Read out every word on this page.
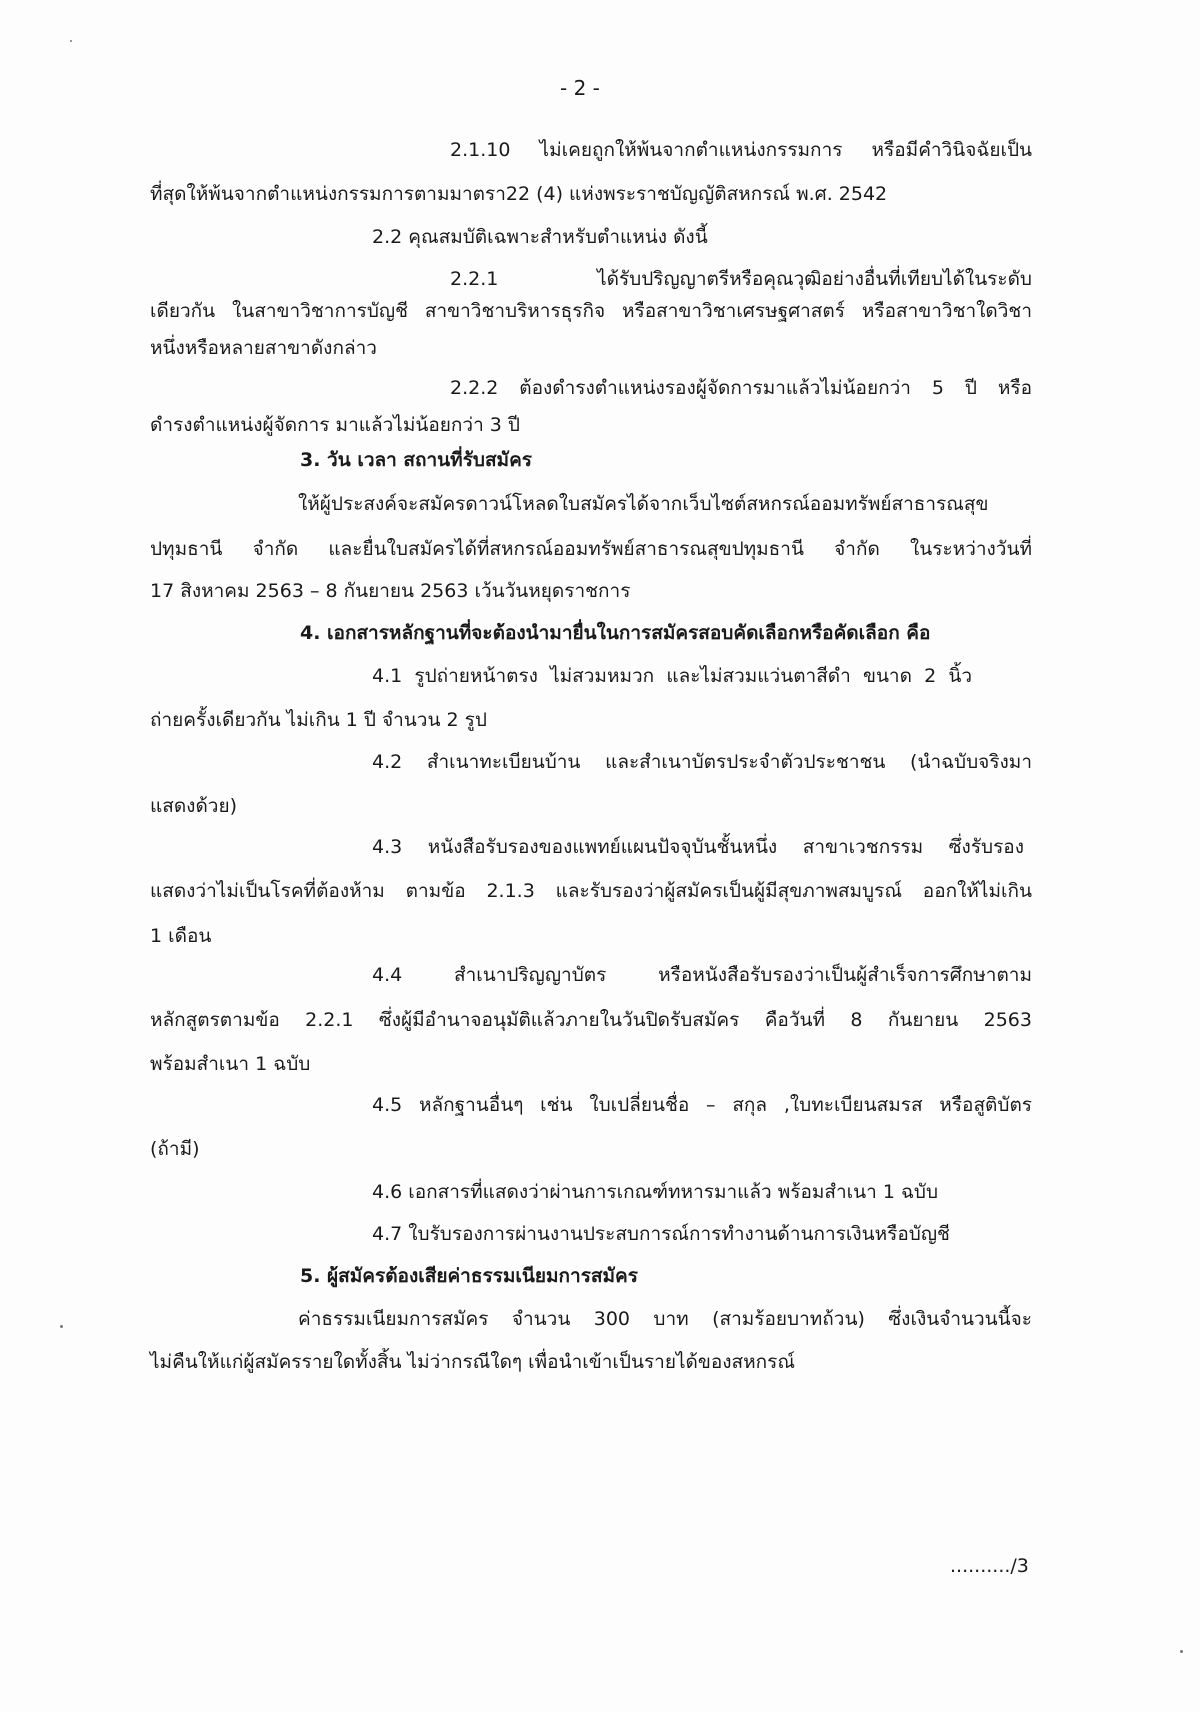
- 2 -
2.1.10 ไม่เคยถูกให้พ้นจากตำแหน่งกรรมการ หรือมีคำวินิจฉัยเป็น
ที่สุดให้พ้นจากตำแหน่งกรรมการตามมาตรา22 (4) แห่งพระราชบัญญัติสหกรณ์ พ.ศ. 2542
2.2 คุณสมบัติเฉพาะสำหรับตำแหน่ง ดังนี้
2.2.1 ได้รับปริญญาตรีหรือคุณวุฒิอย่างอื่นที่เทียบได้ในระดับ
เดียวกัน ในสาขาวิชาการบัญชี สาขาวิชาบริหารธุรกิจ หรือสาขาวิชาเศรษฐศาสตร์ หรือสาขาวิชาใดวิชา
หนึ่งหรือหลายสาขาดังกล่าว
2.2.2 ต้องดำรงตำแหน่งรองผู้จัดการมาแล้วไม่น้อยกว่า 5 ปี หรือ
ดำรงตำแหน่งผู้จัดการ มาแล้วไม่น้อยกว่า 3 ปี
3. วัน เวลา สถานที่รับสมัคร
ให้ผู้ประสงค์จะสมัครดาวน์โหลดใบสมัครได้จากเว็บไซต์สหกรณ์ออมทรัพย์สาธารณสุข
ปทุมธานี จำกัด และยื่นใบสมัครได้ที่สหกรณ์ออมทรัพย์สาธารณสุขปทุมธานี จำกัด ในระหว่างวันที่
17 สิงหาคม 2563 – 8 กันยายน 2563 เว้นวันหยุดราชการ
4. เอกสารหลักฐานที่จะต้องนำมายื่นในการสมัครสอบคัดเลือกหรือคัดเลือก คือ
4.1 รูปถ่ายหน้าตรง ไม่สวมหมวก และไม่สวมแว่นตาสีดำ ขนาด 2 นิ้ว
ถ่ายครั้งเดียวกัน ไม่เกิน 1 ปี จำนวน 2 รูป
4.2 สำเนาทะเบียนบ้าน และสำเนาบัตรประจำตัวประชาชน (นำฉบับจริงมา
แสดงด้วย)
4.3 หนังสือรับรองของแพทย์แผนปัจจุบันชั้นหนึ่ง สาขาเวชกรรม ซึ่งรับรอง
แสดงว่าไม่เป็นโรคที่ต้องห้าม ตามข้อ 2.1.3 และรับรองว่าผู้สมัครเป็นผู้มีสุขภาพสมบูรณ์ ออกให้ไม่เกิน
1 เดือน
4.4 สำเนาปริญญาบัตร หรือหนังสือรับรองว่าเป็นผู้สำเร็จการศึกษาตาม
หลักสูตรตามข้อ 2.2.1 ซึ่งผู้มีอำนาจอนุมัติแล้วภายในวันปิดรับสมัคร คือวันที่ 8 กันยายน 2563
พร้อมสำเนา 1 ฉบับ
4.5 หลักฐานอื่นๆ เช่น ใบเปลี่ยนชื่อ – สกุล ,ใบทะเบียนสมรส หรือสูติบัตร
(ถ้ามี)
4.6 เอกสารที่แสดงว่าผ่านการเกณฑ์ทหารมาแล้ว พร้อมสำเนา 1 ฉบับ
4.7 ใบรับรองการผ่านงานประสบการณ์การทำงานด้านการเงินหรือบัญชี
5. ผู้สมัครต้องเสียค่าธรรมเนียมการสมัคร
ค่าธรรมเนียมการสมัคร จำนวน 300 บาท (สามร้อยบาทถ้วน) ซึ่งเงินจำนวนนี้จะ
ไม่คืนให้แก่ผู้สมัครรายใดทั้งสิ้น ไม่ว่ากรณีใดๆ เพื่อนำเข้าเป็นรายได้ของสหกรณ์
........../3
